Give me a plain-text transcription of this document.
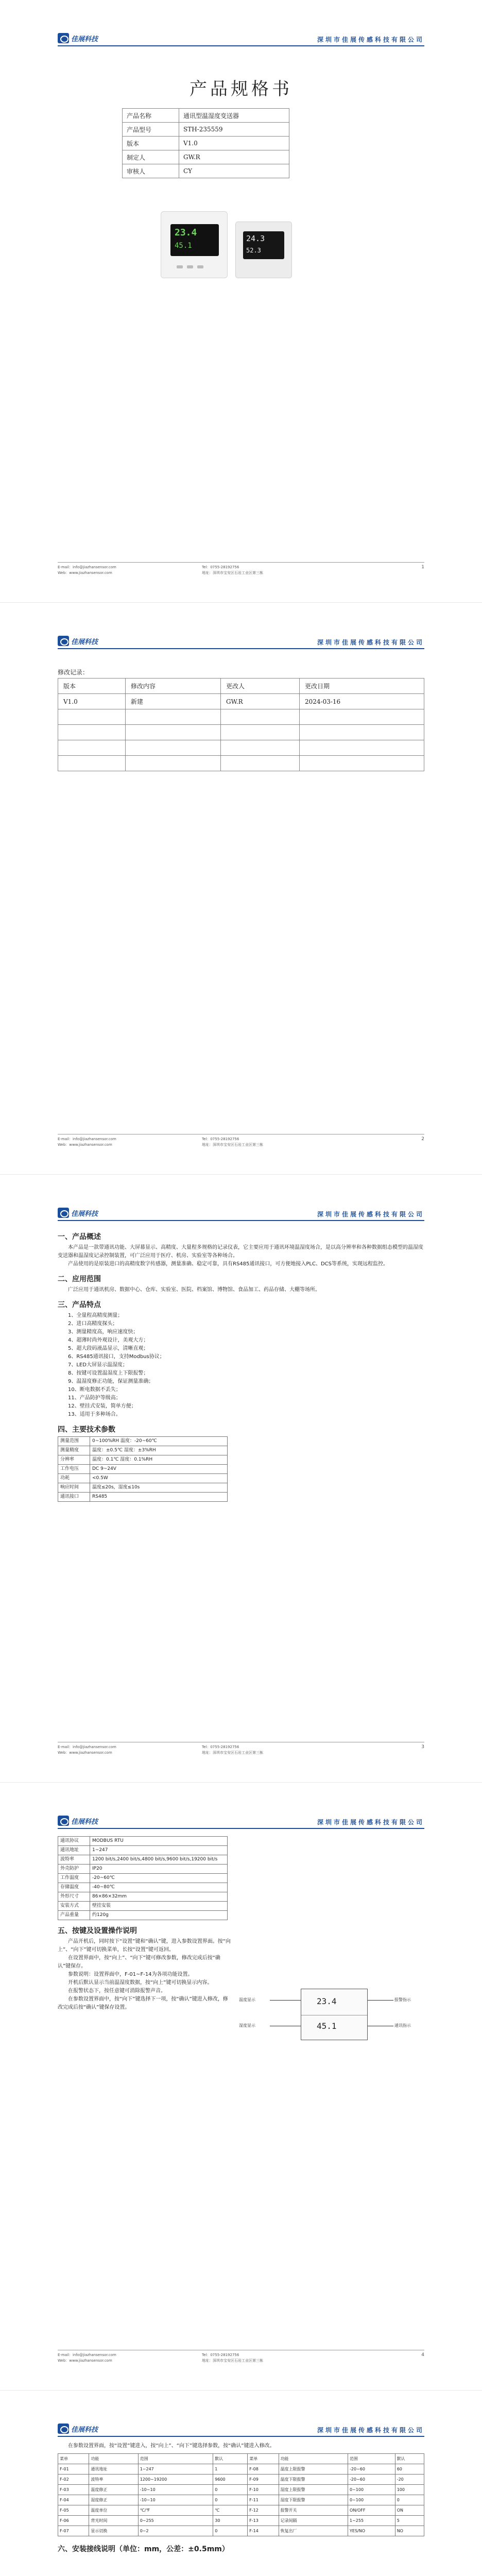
佳展科技	深圳市佳展传感科技有限公司
产品规格书
产品名称	通讯型温湿度变送器
产品型号	STH-235559
版本	V1.0
制定人	GW.R
审核人	CY
23.4
45.1
24.3
52.3
E-mail：info@jiazhansensor.com
Web：www.jiazhansensor.com
Tel：0755-28192756
地址：深圳市宝安区石岩工业区第三栋
1
佳展科技	深圳市佳展传感科技有限公司
修改记录：
版本	修改内容	更改人	更改日期
V1.0	新建	GW.R	2024-03-16

E-mail：info@jiazhansensor.com
Web：www.jiazhansensor.com
Tel：0755-28192756
地址：深圳市宝安区石岩工业区第三栋
2
佳展科技	深圳市佳展传感科技有限公司
一、产品概述
本产品是一款带通讯功能、大屏幕显示、高精度、大量程多规格的记录仪表，它主要应用于通讯环境温湿度场合，是以高分辨率和各种数据组态模型的温湿度变送器和温湿度记录控制装置，可广泛应用于医疗、机房、实验室等各种场合。
产品使用的是原装进口的高精度数字传感器，测量准确、稳定可靠，具有RS485通讯接口，可方便地接入PLC、DCS等系统，实现远程监控。
二、应用范围
广泛应用于通讯机房、数据中心、仓库、实验室、医院、档案馆、博物馆、食品加工、药品存储、大棚等场所。
三、产品特点
1、全量程高精度测量；
2、进口高精度探头；
3、测量精度高，响应速度快；
4、超薄时尚外观设计，美观大方；
5、超大段码液晶显示，清晰直观；
6、RS485通讯接口，支持Modbus协议；
7、LED大屏显示温湿度；
8、按键可设置温湿度上下限报警；
9、温湿度修正功能，保证测量准确；
10、断电数据不丢失；
11、产品防护等级高；
12、壁挂式安装，简单方便；
13、适用于多种场合。
四、主要技术参数
测量范围	0~100%RH 温度：-20~60℃
测量精度	温度：±0.5℃ 湿度：±3%RH
分辨率	温度：0.1℃ 湿度：0.1%RH
工作电压	DC 9~24V
功耗	<0.5W
响应时间	温度≤20s，湿度≤10s
通讯接口	RS485
E-mail：info@jiazhansensor.com
Web：www.jiazhansensor.com
Tel：0755-28192756
地址：深圳市宝安区石岩工业区第三栋
3
佳展科技	深圳市佳展传感科技有限公司
通讯协议	MODBUS RTU
通讯地址	1~247
波特率	1200 bit/s,2400 bit/s,4800 bit/s,9600 bit/s,19200 bit/s
外壳防护	IP20
工作温度	-20~60℃
存储温度	-40~80℃
外形尺寸	86×86×32mm
安装方式	壁挂安装
产品重量	约120g
五、按键及设置操作说明
产品开机后，同时按下“设置”键和“确认”键，进入参数设置界面。按“向上”、“向下”键可切换菜单，长按“设置”键可返回。
在设置界面中，按“向上”、“向下”键可修改参数，修改完成后按“确认”键保存。
参数说明：设置界面中，F-01~F-14为各项功能设置。
开机后默认显示当前温湿度数据，按“向上”键可切换显示内容。
在报警状态下，按任意键可消除报警声音。
在参数设置界面中，按“向下”键选择下一项，按“确认”键进入修改，修改完成后按“确认”键保存设置。
23.4
45.1
温度显示
湿度显示
报警指示
通讯指示
E-mail：info@jiazhansensor.com
Web：www.jiazhansensor.com
Tel：0755-28192756
地址：深圳市宝安区石岩工业区第三栋
4
佳展科技	深圳市佳展传感科技有限公司
在参数设置界面，按“设置”键进入，按“向上”、“向下”键选择参数，按“确认”键进入修改。
菜单	功能	范围	默认	菜单	功能	范围	默认
F-01	通讯地址	1~247	1	F-08	温度上限报警	-20~60	60
F-02	波特率	1200~19200	9600	F-09	温度下限报警	-20~60	-20
F-03	温度修正	-10~10	0	F-10	湿度上限报警	0~100	100
F-04	湿度修正	-10~10	0	F-11	湿度下限报警	0~100	0
F-05	温度单位	℃/℉	℃	F-12	报警开关	ON/OFF	ON
F-06	背光时间	0~255	30	F-13	记录间隔	1~255	5
F-07	显示切换	0~2	0	F-14	恢复出厂	YES/NO	NO
六、安装接线说明（单位：mm，公差：±0.5mm）
